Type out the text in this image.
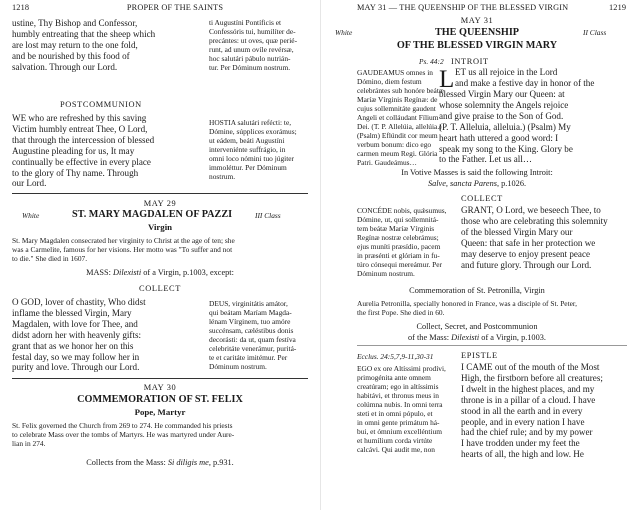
1218	PROPER OF THE SAINTS
ustine, Thy Bishop and Confessor,
humbly entreating that the sheep which
are lost may return to the one fold,
and be nourished by this food of
salvation. Through our Lord.
ti Augustíni Pontíficis et
Confessóris tui, humilíter de-
precántes: ut oves, quæ perié-
runt, ad unum ovíle revérsæ,
hoc salutári pábulo nutrián-
tur. Per Dóminum nostrum.
POSTCOMMUNION
WE who are refreshed by this saving
Victim humbly entreat Thee, O Lord,
that through the intercession of blessed
Augustine pleading for us, It may
continually be effective in every place
to the glory of Thy name. Through
our Lord.
HOSTIA salutári refécti: te,
Dómine, súpplices exorámus;
ut eádem, beáti Augustíni
interveniénte suffrágio, in
omni loco nómini tuo júgiter
immoléttur. Per Dóminum
nostrum.
MAY 29
White	ST. MARY MAGDALEN OF PAZZI	III Class
Virgin
St. Mary Magdalen consecrated her virginity to Christ at the age of ten; she
was a Carmelite, famous for her visions. Her motto was "To suffer and not
to die." She died in 1607.
MASS: Dilexisti of a Virgin, p.1003, except:
COLLECT
O GOD, lover of chastity, Who didst
inflame the blessed Virgin, Mary
Magdalen, with love for Thee, and
didst adorn her with heavenly gifts:
grant that as we honor her on this
festal day, so we may follow her in
purity and love. Through our Lord.
DEUS, virginitátis amátor,
qui beátam Maríam Magda-
lénam Vírginem, tuo amóre
succénsam, cæléstibus donis
decorásti: da ut, quam festíva
celebritáte venerámur, puritá-
te et caritáte imitémur. Per
Dóminum nostrum.
MAY 30
COMMEMORATION OF ST. FELIX
Pope, Martyr
St. Felix governed the Church from 269 to 274. He commanded his priests
to celebrate Mass over the tombs of Martyrs. He was martyred under Aure-
lian in 274.
Collects from the Mass: Si diligis me, p.931.
MAY 31 — THE QUEENSHIP OF THE BLESSED VIRGIN	1219
MAY 31
White	THE QUEENSHIP	II Class
OF THE BLESSED VIRGIN MARY
Ps. 44:2 INTROIT
GAUDEAMUS omnes in
Dómino, diem festum
celebrántes sub honóre beátæ
Maríæ Vírginis Regínæ: de
cujus sollemnitáte gaudent
Angeli et colláudant Fílium
Dei. (T. P. Allelúia, allelúia.)
(Psalm) Eflúndit cor meum
verbum bonum: dico ego
carmen meum Regi. Glória
Patri. Gaudeámus…
L ET us all rejoice in the Lord
and make a festive day in honor of the
blessed Virgin Mary our Queen: at
whose solemnity the Angels rejoice
and give praise to the Son of God.
(P. T. Alleluia, alleluia.) (Psalm) My
heart hath uttered a good word: I
speak my song to the King. Glory be
to the Father. Let us all…
In Votive Masses is said the following Introit:
Salve, sancta Parens, p.1026.
COLLECT
CONCÉDE nobis, quǽsumus,
Dómine, ut, qui sollemnitá-
tem beátæ Maríæ Vírginis
Regínæ nostræ celebrámus;
ejus muníti præsídio, pacem
in præsénti et glóriam in fu-
túro cónsequi mereámur. Per
Dóminum nostrum.
GRANT, O Lord, we beseech Thee, to
those who are celebrating this solemnity
of the blessed Virgin Mary our
Queen: that safe in her protection we
may deserve to enjoy present peace
and future glory. Through our Lord.
Commemoration of St. Petronilla, Virgin
Aurelia Petronilla, specially honored in France, was a disciple of St. Peter,
the first Pope. She died in 60.
Collect, Secret, and Postcommunion
of the Mass: Dilexisti of a Virgin, p.1003.
Ecclus. 24:5,7,9-11,30-31	EPISTLE
EGO ex ore Altíssimi prodívi,
primogénita ante omnem
creatúram; ego in altíssimis
habitávi, et thronus meus in
colúmna nubis. In omni terra
steti et in omni pópulo, et
in omni gente primátum há-
bui, et ómnium excelléntium
et humílium corda virtúte
calcávi. Qui audit me, non
I CAME out of the mouth of the Most
High, the firstborn before all creatures;
I dwelt in the highest places, and my
throne is in a pillar of a cloud. I have
stood in all the earth and in every
people, and in every nation I have
had the chief rule; and by my power
I have trodden under my feet the
hearts of all, the high and low. He
